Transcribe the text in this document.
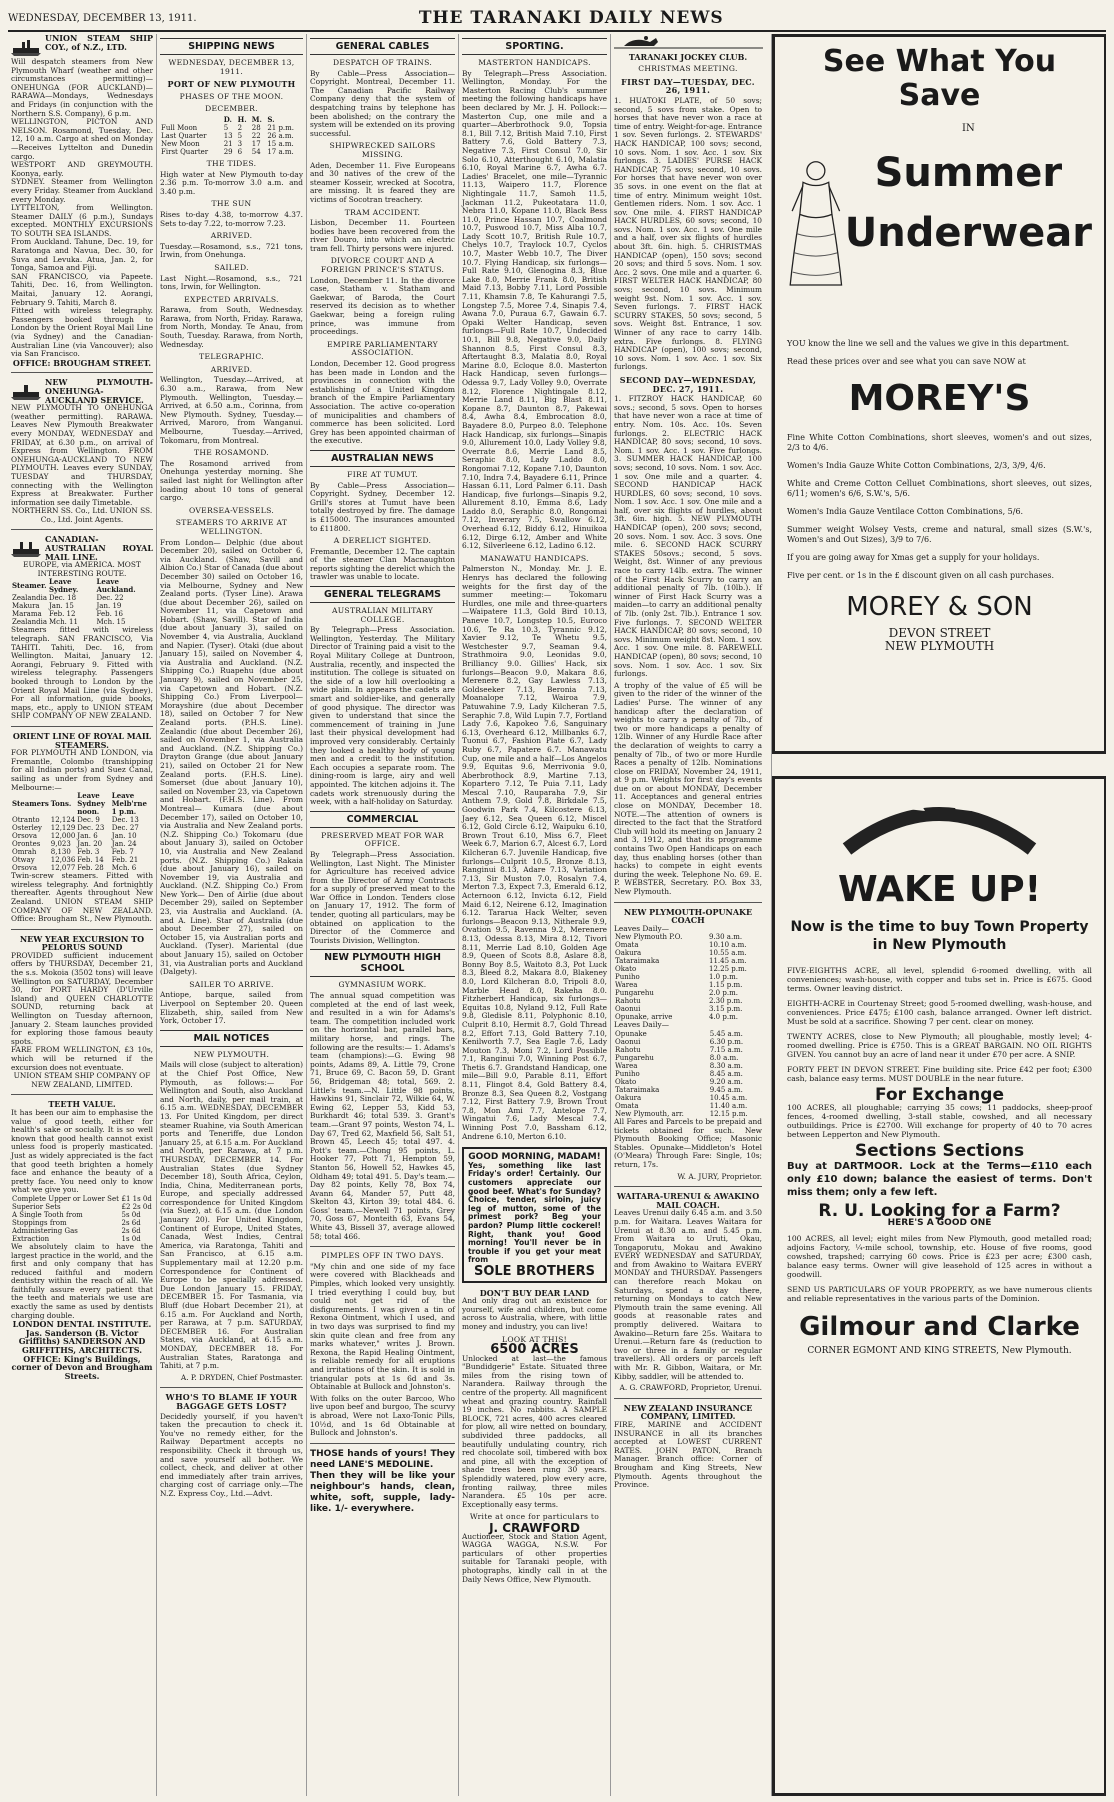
WEDNESDAY, DECEMBER 13, 1911.	THE TARANAKI DAILY NEWS
UNION STEAM SHIP COY., of N.Z., LTD.
Will despatch steamers from New Plymouth Wharf (weather and other circumstances permitting)— ONEHUNGA (FOR AUCKLAND)— RARAWA—Mondays, Wednesdays and Fridays (in conjunction with the Northern S.S. Company), 6 p.m.
WELLINGTON, PICTON AND NELSON. Rosamond, Tuesday, Dec. 12, 10 a.m. Cargo at shed on Monday—Receives Lyttelton and Dunedin cargo.
WESTPORT AND GREYMOUTH. Koonya, early.
SYDNEY. Steamer from Wellington every Friday. Steamer from Auckland every Monday.
LYTTELTON, from Wellington. Steamer DAILY (6 p.m.), Sundays excepted. MONTHLY EXCURSIONS TO SOUTH SEA ISLANDS.
From Auckland. Tahune, Dec. 19, for Raratonga and Navua, Dec. 30, for Suva and Levuka. Atua, Jan. 2, for Tonga, Samoa and Fiji.
SAN FRANCISCO, via Papeete. Tahiti, Dec. 16, from Wellington. Maitai, January 12. Aorangi, February 9. Tahiti, March 8.
Fitted with wireless telegraphy. Passengers booked through to London by the Orient Royal Mail Line (via Sydney) and the Canadian-Australian Line (via Vancouver); also via San Francisco.
OFFICE: BROUGHAM STREET.
NEW PLYMOUTH-ONEHUNGA-AUCKLAND SERVICE.
NEW PLYMOUTH TO ONEHUNGA (weather permitting). RARAWA. Leaves New Plymouth Breakwater every MONDAY, WEDNESDAY and FRIDAY, at 6.30 p.m., on arrival of Express from Wellington. FROM ONEHUNGA-AUCKLAND TO NEW PLYMOUTH. Leaves every SUNDAY, TUESDAY and THURSDAY, connecting with the Wellington Express at Breakwater. Further information see daily Timetable.
NORTHERN SS. Co., Ltd. UNION SS. Co., Ltd. Joint Agents.
CANADIAN-AUSTRALIAN ROYAL MAIL LINE.
EUROPE, via AMERICA. MOST INTERESTING ROUTE.
Steamer.	Leave Sydney.	Leave Auckland.
Zealandia	Dec. 18	Dec. 22
Makura	Jan. 15	Jan. 19
Marama	Feb. 12	Feb. 16
Zealandia	Mch. 11	Mch. 15
Steamers fitted with wireless telegraph. SAN FRANCISCO, Via TAHITI. Tahiti, Dec. 16, from Wellington. Maitai, January 12. Aorangi, February 9. Fitted with wireless telegraphy. Passengers booked through to London by the Orient Royal Mail Line (via Sydney). For all information, guide books, maps, etc., apply to UNION STEAM SHIP COMPANY OF NEW ZEALAND.
ORIENT LINE OF ROYAL MAIL STEAMERS.
FOR PLYMOUTH AND LONDON, via Fremantle, Colombo (transhipping for all Indian ports) and Suez Canal, sailing as under from Sydney and Melbourne:—
Steamers	Tons.	Leave Sydney noon.	Leave Melb'rne 1 p.m.
Otranto	12,124	Dec. 9	Dec. 13
Osterley	12,129	Dec. 23	Dec. 27
Orsova	12,000	Jan. 6	Jan. 10
Orontes	9,023	Jan. 20	Jan. 24
Omrah	8,130	Feb. 3	Feb. 7
Otway	12,036	Feb. 14	Feb. 21
Orsova	12,077	Feb. 28	Mch. 6
Twin-screw steamers. Fitted with wireless telegraphy. And fortnightly thereafter. Agents throughout New Zealand. UNION STEAM SHIP COMPANY OF NEW ZEALAND. Office: Brougham St., New Plymouth.
NEW YEAR EXCURSION TO PELORUS SOUND
PROVIDED sufficient inducement offers by THURSDAY, December 21, the s.s. Mokoia (3502 tons) will leave Wellington on SATURDAY, December 30, for PORT HARDY (D'Urville Island) and QUEEN CHARLOTTE SOUND, returning back at Wellington on Tuesday afternoon, January 2. Steam launches provided for exploring those famous beauty spots.
FARE FROM WELLINGTON, £3 10s, which will be returned if the excursion does not eventuate.
UNION STEAM SHIP COMPANY OF NEW ZEALAND, LIMITED.
TEETH VALUE.
It has been our aim to emphasise the value of good teeth, either for health's sake or socially. It is so well known that good health cannot exist unless food is properly masticated. Just as widely appreciated is the fact that good teeth brighten a homely face and enhance the beauty of a pretty face. You need only to know what we give you.
Complete Upper or Lower Set	£1 1s 0d
Superior Sets	£2 2s 0d
A Single Tooth from	5s 0d
Stoppings from	2s 6d
Administering Gas	2s 6d
Extraction	1s 0d
We absolutely claim to have the largest practice in the world, and the first and only company that has reduced faithful and modern dentistry within the reach of all. We faithfully assure every patient that the teeth and materials we use are exactly the same as used by dentists charging double.
LONDON DENTAL INSTITUTE. Jas. Sanderson (B. Victor Griffiths) SANDERSON AND GRIFFITHS, ARCHITECTS. OFFICE: King's Buildings, corner of Devon and Brougham Streets.
SHIPPING NEWS
WEDNESDAY, DECEMBER 13, 1911.
PORT OF NEW PLYMOUTH
PHASES OF THE MOON.
DECEMBER.
	D.	H.	M.	S.
Full Moon	5	2	28	21 p.m.
Last Quarter	13	5	22	26 a.m.
New Moon	21	3	17	15 a.m.
First Quarter	29	6	54	17 a.m.
THE TIDES.
High water at New Plymouth to-day 2.36 p.m. To-morrow 3.0 a.m. and 3.40 p.m.
THE SUN
Rises to-day 4.38, to-morrow 4.37. Sets to-day 7.22, to-morrow 7.23.
ARRIVED.
Tuesday.—Rosamond, s.s., 721 tons, Irwin, from Onehunga.
SAILED.
Last Night.—Rosamond, s.s., 721 tons, Irwin, for Wellington.
EXPECTED ARRIVALS.
Rarawa, from South, Wednesday. Rarawa, from North, Friday. Rarawa, from North, Monday. Te Anau, from South, Tuesday. Rarawa, from North, Wednesday.
TELEGRAPHIC.
ARRIVED.
Wellington, Tuesday.—Arrived, at 6.30 a.m., Rarawa, from New Plymouth. Wellington, Tuesday.—Arrived, at 6.50 a.m., Corinna, from New Plymouth. Sydney, Tuesday.—Arrived, Maroro, from Wanganui. Melbourne, Tuesday.—Arrived, Tokomaru, from Montreal.
THE ROSAMOND.
The Rosamond arrived from Onehunga yesterday morning. She sailed last night for Wellington after loading about 10 tons of general cargo.
OVERSEA-VESSELS.
STEAMERS TO ARRIVE AT WELLINGTON.
From London— Delphic (due about December 20), sailed on October 6, via Auckland. (Shaw, Savill and Albion Co.) Star of Canada (due about December 30) sailed on October 16, via Melbourne, Sydney and New Zealand ports. (Tyser Line). Arawa (due about December 26), sailed on November 11, via Capetown and Hobart. (Shaw, Savill). Star of India (due about January 3), sailed on November 4, via Australia, Auckland and Napier. (Tyser). Otaki (due about January 15), sailed on November 4, via Australia and Auckland. (N.Z. Shipping Co.) Ruapehu (due about January 9), sailed on November 25, via Capetown and Hobart. (N.Z. Shipping Co.) From Liverpool— Morayshire (due about December 18), sailed on October 7 for New Zealand ports. (P.H.S. Line). Zealandic (due about December 26), sailed on November 1, via Australia and Auckland. (N.Z. Shipping Co.) Drayton Grange (due about January 21), sailed on October 21 for New Zealand ports. (F.H.S. Line). Somerset (due about January 10), sailed on November 23, via Capetown and Hobart. (F.H.S. Line). From Montreal— Kumara (due about December 17), sailed on October 10, via Australia and New Zealand ports. (N.Z. Shipping Co.) Tokomaru (due about January 3), sailed on October 10, via Australia and New Zealand ports. (N.Z. Shipping Co.) Rakaia (due about January 16), sailed on November 19, via Australia and Auckland. (N.Z. Shipping Co.) From New York— Den of Airlie (due about December 29), sailed on September 23, via Australia and Auckland. (A. and A. Line). Star of Australia (due about December 27), sailed on October 15, via Australian ports and Auckland. (Tyser). Mariental (due about January 15), sailed on October 31, via Australian ports and Auckland (Dalgety).
SAILER TO ARRIVE.
Antiope, barque, sailed from Liverpool on September 20. Queen Elizabeth, ship, sailed from New York, October 17.
MAIL NOTICES
NEW PLYMOUTH.
Mails will close (subject to alteration) at the Chief Post Office, New Plymouth, as follows:— For Wellington and South, also Auckland and North, daily, per mail train, at 6.15 a.m. WEDNESDAY, DECEMBER 13. For United Kingdom, per direct steamer Ruahine, via South American ports and Teneriffe, due London January 25, at 6.15 a.m. For Auckland and North, per Rarawa, at 7 p.m. THURSDAY, DECEMBER 14. For Australian States (due Sydney December 18), South Africa, Ceylon, India, China, Mediterranean ports, Europe, and specially addressed correspondence for United Kingdom (via Suez), at 6.15 a.m. (due London January 20). For United Kingdom, Continent of Europe, United States, Canada, West Indies, Central America, via Raratonga, Tahiti and San Francisco, at 6.15 a.m. Supplementary mail at 12.20 p.m. Correspondence for Continent of Europe to be specially addressed. Due London January 15. FRIDAY, DECEMBER 15. For Tasmania, via Bluff (due Hobart December 21), at 6.15 a.m. For Auckland and North, per Rarawa, at 7 p.m. SATURDAY, DECEMBER 16. For Australian States, via Auckland, at 6.15 a.m. MONDAY, DECEMBER 18. For Australian States, Raratonga and Tahiti, at 7 p.m.
A. P. DRYDEN, Chief Postmaster.
WHO'S TO BLAME IF YOUR BAGGAGE GETS LOST?
Decidedly yourself, if you haven't taken the precaution to check it. You've no remedy either, for the Railway Department accepts no responsibility. Check it through us, and save yourself all bother. We collect, check, and deliver at other end immediately after train arrives, charging cost of carriage only.—The N.Z. Express Coy., Ltd.—Advt.
GENERAL CABLES
DESPATCH OF TRAINS.
By Cable—Press Association—Copyright. Montreal, December 11. The Canadian Pacific Railway Company deny that the system of despatching trains by telephone has been abolished; on the contrary the system will be extended on its proving successful.
SHIPWRECKED SAILORS MISSING.
Aden, December 11. Five Europeans and 30 natives of the crew of the steamer Kosseir, wrecked at Socotra, are missing. It is feared they are victims of Socotran treachery.
TRAM ACCIDENT.
Lisbon, December 11. Fourteen bodies have been recovered from the river Douro, into which an electric tram fell. Thirty persons were injured.
DIVORCE COURT AND A FOREIGN PRINCE'S STATUS.
London, December 11. In the divorce case, Statham v. Statham and Gaekwar, of Baroda, the Court reserved its decision as to whether Gaekwar, being a foreign ruling prince, was immune from proceedings.
EMPIRE PARLIAMENTARY ASSOCIATION.
London, December 12. Good progress has been made in London and the provinces in connection with the establishing of a United Kingdom branch of the Empire Parliamentary Association. The active co-operation of municipalities and chambers of commerce has been solicited. Lord Grey has been appointed chairman of the executive.
AUSTRALIAN NEWS
FIRE AT TUMUT.
By Cable—Press Association—Copyright. Sydney, December 12. Grill's stores at Tumut have been totally destroyed by fire. The damage is £15000. The insurances amounted to £11800.
A DERELICT SIGHTED.
Fremantle, December 12. The captain of the steamer Clan Macnaughton reports sighting the derelict which the trawler was unable to locate.
GENERAL TELEGRAMS
AUSTRALIAN MILITARY COLLEGE.
By Telegraph—Press Association. Wellington, Yesterday. The Military Director of Training paid a visit to the Royal Military College at Duntroon, Australia, recently, and inspected the institution. The college is situated on the side of a low hill overlooking a wide plain. In appears the cadets are smart and soldier-like, and generally of good physique. The director was given to understand that since the commencement of training in June last their physical development had improved very considerably. Certainly they looked a healthy body of young men and a credit to the institution. Each occupies a separate room. The dining-room is large, airy and well appointed. The kitchen adjoins it. The cadets work strenuously during the week, with a half-holiday on Saturday.
COMMERCIAL
PRESERVED MEAT FOR WAR OFFICE.
By Telegraph—Press Association. Wellington, Last Night. The Minister for Agriculture has received advice from the Director of Army Contracts for a supply of preserved meat to the War Office in London. Tenders close on January 17, 1912. The form of tender, quoting all particulars, may be obtained on application to the Director of the Commerce and Tourists Division, Wellington.
NEW PLYMOUTH HIGH SCHOOL
GYMNASIUM WORK.
The annual squad competition was completed at the end of last week, and resulted in a win for Adams's team. The competition included work on the horizontal bar, parallel bars, military horse, and rings. The following are the results:— 1. Adams's team (champions):—G. Ewing 98 points, Adams 89, A. Little 79, Crone 71, Bruce 69, C. Bacon 59, D. Grant 56, Bridgeman 48; total, 569. 2. Little's team.—N. Little 98 points, Hawkins 91, Sinclair 72, Wilkie 64, W. Ewing 62, Lepper 53, Kidd 53, Burkhardt 46; total 539. 3. Grant's team.—Grant 97 points, Weston 74, L. Day 67, Tred 62, Maxfield 56, Salt 51, Brown 45, Leech 45; total 497. 4. Pott's team.—Chong 95 points, L. Hooker 77, Pott 71, Hempton 59, Stanton 56, Howell 52, Hawkes 45, Oldham 49; total 491. 5. Day's team.—Day 82 points, Kelly 78, Box 74, Avann 64, Mander 57, Putt 48, Skelton 43, Kirton 39; total 484. 6. Goss' team.—Newell 71 points, Grey 70, Goss 67, Monteith 63, Evans 54, White 43, Bissell 37, average allowed 58; total 466.
PIMPLES OFF IN TWO DAYS.
"My chin and one side of my face were covered with Blackheads and Pimples, which looked very unsightly. I tried everything I could buy, but could not get rid of the disfigurements. I was given a tin of Rexona Ointment, which I used, and in two days was surprised to find my skin quite clean and free from any marks whatever," writes J. Brown. Rexona, the Rapid Healing Ointment, is reliable remedy for all eruptions and irritations of the skin. It is sold in triangular pots at 1s 6d and 3s. Obtainable at Bullock and Johnston's.
With folks on the outer Barcoo, Who live upon beef and burgoo, The scurvy is abroad, Were not Laxo-Tonic Pills, 10½d, and 1s 6d Obtainable at Bullock and Johnston's.
THOSE hands of yours! They need LANE'S MEDOLINE.
Then they will be like your neighbour's hands, clean, white, soft, supple, lady-like. 1/- everywhere.
SPORTING.
MASTERTON HANDICAPS.
By Telegraph—Press Association. Wellington, Monday. For the Masterton Racing Club's summer meeting the following handicaps have been declared by Mr. J. H. Pollock:— Masterton Cup, one mile and a quarter—Aberbrothock 9.0, Topsia 8.1, Bill 7.12, British Maid 7.10, First Battery 7.6, Gold Battery 7.3, Negative 7.3, First Consul 7.0, Sir Solo 6.10, Atterthought 6.10, Malatia 6.10, Royal Marine 6.7, Awha 6.7. Ladies' Bracelet, one mile—Tyrannic 11.13, Waipero 11.7, Florence Nightingale 11.7, Samoh 11.5, Jackman 11.2, Pukeotatara 11.0, Nebra 11.0, Kopane 11.0, Black Bess 11.0, Prince Hassan 10.7, Coalmond 10.7, Puswood 10.7, Miss Alba 10.7, Lady Scott 10.7, British Rule 10.7, Chelys 10.7, Traylock 10.7, Cyclos 10.7, Master Webb 10.7, The Diver 10.7. Flying Handicap, six furlongs—Full Rate 9.10, Glenogina 8.3, Blue Lake 8.0, Merrie Frank 8.0, British Maid 7.13, Bobby 7.11, Lord Possible 7.11, Khamsin 7.8, Te Kahurangi 7.5, Longstep 7.5, Moree 7.4, Sinapis 7.4, Awana 7.0, Puraua 6.7, Gawain 6.7. Opaki Welter Handicap, seven furlongs—Full Rate 10.7, Undecided 10.1, Bill 9.8, Negative 9.0, Daily Shannon 8.5, First Consul 8.3, Aftertaught 8.3, Malatia 8.0, Royal Marine 8.0, Ecloque 8.0. Masterton Hack Handicap, seven furlongs—Odessa 9.7, Lady Volley 9.0, Overrate 8.12, Florence Nightingale 8.12, Merrie Land 8.11, Big Blast 8.11, Kopane 8.7, Daunton 8.7, Pakewai 8.4, Awha 8.4, Embrocation 8.0, Bayadere 8.0, Purpeo 8.0. Telephone Hack Handicap, six furlongs—Sinapis 9.0, Allurement 10.0, Lady Volley 9.8, Overrate 8.6, Merrie Land 8.5, Seraphic 8.0, Lady Laddo 8.0, Rongomai 7.12, Kopane 7.10, Daunton 7.10, Indra 7.4, Bayadere 6.11, Prince Hassan 6.11, Lord Palmer 6.11. Dash Handicap, five furlongs—Sinapis 9.2, Allurement 8.10, Emma 8.6, Lady Laddo 8.0, Seraphic 8.0, Rongomai 7.12, Inverary 7.5, Swallow 6.12, Overhead 6.12, Biddy 6.12, Hinuikoa 6.12, Dirge 6.12, Amber and White 6.12, Silverleene 6.12, Ladino 6.12.
MANAWATU HANDICAPS.
Palmerston N., Monday. Mr. J. E. Henrys has declared the following weights for the first day of the summer meeting:— Tokomaru Hurdles, one mile and three-quarters—Waipatere 11.3, Gold Bird 10.13, Paneve 10.7, Longstep 10.5, Euroco 10.6, Te Ra 10.3, Tyrannic 9.12, Xavier 9.12, Te Whetu 9.5, Westchester 9.7, Seaman 9.4, Strathmoira 9.0, Leonidas 9.0, Brilliancy 9.0. Gillies' Hack, six furlongs—Beacon 9.0, Makara 8.6, Merenere 8.2, Gay Lawless 7.13, Goldseeker 7.13, Beronia 7.13, Moanalope 7.12, Wairoa 7.9, Patuwahine 7.9, Lady Kilcheran 7.5, Seraphic 7.8, Wild Lupin 7.7, Fortland Lady 7.6, Kapokeo 7.6, Sanguinary 6.13, Overheard 6.12, Millbanks 6.7, Tuonui 6.7, Fashion Plate 6.7, Lady Ruby 6.7, Papatere 6.7. Manawatu Cup, one mile and a half—Los Angelos 9.9, Equitas 9.6, Merrivonia 9.0, Aberbrothock 8.9, Martine 7.13, Kopartero 7.12, Te Puia 7.11, Lady Mescal 7.10, Rauparaha 7.9, Sir Anthem 7.9, Gold 7.8, Birkdale 7.5, Goodwin Park 7.4, Kilcostere 6.13, Jaey 6.12, Sea Queen 6.12, Miscel 6.12, Gold Circle 6.12, Waipuku 6.10, Brown Trout 6.10, Miss 6.7, Fleet Week 6.7, Marion 6.7, Alcest 6.7, Lord Kilcheran 6.7. Juvenile Handicap, five furlongs—Culprit 10.5, Bronze 8.13, Ranginui 8.13, Adare 7.13, Variation 7.13, Sir Muston 7.0, Rosalyn 7.4, Merton 7.3, Expect 7.3, Emerald 6.12, Acternoon 6.12, Invicta 6.12, Field Maid 6.12, Neirene 6.12, Imagination 6.12. Tararua Hack Welter, seven furlongs—Beacon 9.13, Nitherale 9.9, Ovation 9.5, Ravenna 9.2, Merenere 8.13, Odessa 8.13, Mira 8.12, Tivori 8.11, Merrie Lad 8.10, Golden Age 8.9, Queen of Scots 8.8, Aslare 8.8, Bonny Boy 8.5, Waitoto 8.3, Pot Luck 8.3, Bleed 8.2, Makara 8.0, Blakeney 8.0, Lord Kilcheran 8.0, Tripoli 8.0, Marble Head 8.0, Rakeha 8.0. Fitzherbert Handicap, six furlongs—Equitas 10.8, Nyland 9.12, Full Rate 9.8, Gledisle 8.11, Polyphonic 8.10, Culprit 8.10, Hermit 8.7, Gold Thread 8.2, Effort 7.13, Gold Battery 7.10, Kenilworth 7.7, Sea Eagle 7.6, Lady Mouton 7.3, Moni 7.2, Lord Possible 7.1, Ranginui 7.0, Winning Post 6.7, Thetis 6.7. Grandstand Handicap, one mile—Bill 9.0, Parable 8.11, Effort 8.11, Flingot 8.4, Gold Battery 8.4, Bronze 8.3, Sea Queen 8.2, Vostgang 7.12, First Battery 7.9, Brown Trout 7.8, Mon Ami 7.7, Antelope 7.7, Wingatui 7.6, Lady Mescal 7.4, Winning Post 7.0, Bassham 6.12, Andrene 6.10, Merton 6.10.
GOOD MORNING, MADAM!
Yes, something like last Friday's order! Certainly. Our customers appreciate our good beef. What's for Sunday? Choice, tender, sirloin, juicy leg of mutton, some of the primest pork? Beg your pardon? Plump little cockerel! Right, thank you! Good morning! You'll never be in trouble if you get your meat from
SOLE BROTHERS
DON'T BUY DEAR LAND
And only drag out an existence for yourself, wife and children, but come across to Australia, where, with little money and industry, you can live!
LOOK AT THIS!
6500 ACRES
Unlocked at last—the famous "Bundidgerie" Estate. Situated three miles from the rising town of Narandera. Railway through the centre of the property. All magnificent wheat and grazing country. Rainfall 19 inches. No rabbits. A SAMPLE BLOCK, 721 acres, 400 acres cleared for plow, all wire netted on boundary, subdivided three paddocks, all beautifully undulating country, rich red chocolate soil, timbered with box and pine, all with the exception of shade trees been rung 30 years. Splendidly watered, plow every acre, fronting railway, three miles Narandera. £5 10s per acre. Exceptionally easy terms.
Write at once for particulars to
J. CRAWFORD
Auctioneer, Stock and Station Agent, WAGGA WAGGA, N.S.W. For particulars of other properties suitable for Taranaki people, with photographs, kindly call in at the Daily News Office, New Plymouth.
TARANAKI JOCKEY CLUB.
CHRISTMAS MEETING.
FIRST DAY—TUESDAY, DEC. 26, 1911.
1. HUATOKI PLATE, of 50 sovs; second, 5 sovs from stake. Open to horses that have never won a race at time of entry. Weight-for-age. Entrance 1 sov. Seven furlongs. 2. STEWARDS' HACK HANDICAP, 100 sovs; second, 10 sovs. Nom. 1 sov. Acc. 1 sov. Six furlongs. 3. LADIES' PURSE HACK HANDICAP, 75 sovs; second, 10 sovs. For horses that have never won over 35 sovs. in one event on the flat at time of entry. Minimum weight 10st. Gentlemen riders. Nom. 1 sov. Acc. 1 sov. One mile. 4. FIRST HANDICAP HACK HURDLES, 60 sovs; second, 10 sovs. Nom. 1 sov. Acc. 1 sov. One mile and a half, over six flights of hurdles about 3ft. 6in. high. 5. CHRISTMAS HANDICAP (open), 150 sovs; second 20 sovs; and third 5 sovs. Nom. 1 sov. Acc. 2 sovs. One mile and a quarter. 6. FIRST WELTER HACK HANDICAP, 80 sovs; second, 10 sovs. Minimum weight 9st. Nom. 1 sov. Acc. 1 sov. Seven furlongs. 7. FIRST HACK SCURRY STAKES, 50 sovs; second, 5 sovs. Weight 8st. Entrance, 1 sov. Winner of any race to carry 14lb. extra. Five furlongs. 8. FLYING HANDICAP (open), 100 sovs; second, 10 sovs. Nom. 1 sov. Acc. 1 sov. Six furlongs.
SECOND DAY—WEDNESDAY, DEC. 27, 1911.
1. FITZROY HACK HANDICAP, 60 sovs.; second, 5 sovs. Open to horses that have never won a race at time of entry. Nom. 10s. Acc. 10s. Seven furlongs. 2. ELECTRIC HACK HANDICAP, 80 sovs; second, 10 sovs. Nom. 1 sov. Acc. 1 sov. Five furlongs. 3. SUMMER HACK HANDICAP, 100 sovs; second, 10 sovs. Nom. 1 sov. Acc. 1 sov. One mile and a quarter. 4. SECOND HANDICAP HACK HURDLES, 60 sovs; second, 10 sovs. Nom. 1 sov. Acc. 1 sov. One mile and a half, over six flights of hurdles, about 3ft. 6in. high. 5. NEW PLYMOUTH HANDICAP (open), 200 sovs; second, 20 sovs. Nom. 1 sov. Acc. 3 sovs. One mile. 6. SECOND HACK SCURRY STAKES 50sovs.; second, 5 sovs. Weight, 8st. Winner of any previous race to carry 14lb. extra. The winner of the First Hack Scurry to carry an additional penalty of 7lb. (10lb.). If winner of First Hack Scurry was a maiden—to carry an additional penalty of 7lb. (only 2st. 7lb.). Entrance 1 sov. Five furlongs. 7. SECOND WELTER HACK HANDICAP, 80 sovs; second, 10 sovs. Minimum weight 8st. Nom. 1 sov. Acc. 1 sov. One mile. 8. FAREWELL HANDICAP (open), 80 sovs; second, 10 sovs. Nom. 1 sov. Acc. 1 sov. Six furlongs.
A trophy of the value of £5 will be given to the rider of the winner of the Ladies' Purse. The winner of any handicap after the declaration of weights to carry a penalty of 7lb., of two or more handicaps a penalty of 12lb. Winner of any Hurdle Race after the declaration of weights to carry a penalty of 7lb., of two or more Hurdle Races a penalty of 12lb. Nominations close on FRIDAY, November 24, 1911, at 9 p.m. Weights for first day's events due on or about MONDAY, December 11. Acceptances and general entries close on MONDAY, December 18. NOTE.—The attention of owners is directed to the fact that the Stratford Club will hold its meeting on January 2 and 3, 1912, and that its programme contains Two Open Handicaps on each day, thus enabling horses (other than hacks) to compete in eight events during the week. Telephone No. 69. E. P. WEBSTER, Secretary. P.O. Box 33, New Plymouth.
NEW PLYMOUTH-OPUNAKE COACH
Leaves Daily—
New Plymouth P.O.	9.30 a.m.
Omata	10.10 a.m.
Oakura	10.55 a.m.
Tataraimaka	11.45 a.m.
Okato	12.25 p.m.
Puniho	1.0 p.m.
Warea	1.15 p.m.
Pungarehu	2.0 p.m.
Rahotu	2.30 p.m.
Oaonui	3.15 p.m.
Opunake, arrive	4.0 p.m.
Leaves Daily—
Opunake	5.45 a.m.
Oaonui	6.30 p.m.
Rahotu	7.15 a.m.
Pungarehu	8.0 a.m.
Warea	8.30 a.m.
Puniho	8.45 a.m.
Okato	9.20 a.m.
Tataraimaka	9.45 a.m.
Oakura	10.45 a.m.
Omata	11.40 a.m.
New Plymouth, arr.	12.15 p.m.
All Fares and Parcels to be prepaid and tickets obtained for such. New Plymouth Booking Office; Masonic Stables. Opunake—Middleton's Hotel (O'Meara) Through Fare: Single, 10s; return, 17s.
W. A. JURY, Proprietor.
WAITARA-URENUI & AWAKINO MAIL COACH.
Leaves Urenui daily 6.45 a.m. and 3.50 p.m. for Waitara. Leaves Waitara for Urenui at 8.30 a.m. and 5.45 p.m. From Waitara to Uruti, Okau, Tongaporutu, Mokau and Awakino EVERY WEDNESDAY and SATURDAY, and from Awakino to Waitara EVERY MONDAY and THURSDAY. Passengers can therefore reach Mokau on Saturdays, spend a day there, returning on Mondays to catch New Plymouth train the same evening. All goods at reasonable rates and promptly delivered. Waitara to Awakino—Return fare 25s. Waitara to Urenui.—Return fare 4s (reduction to two or three in a family or regular travellers). All orders or parcels left with Mr. R. Gibbon, Waitara, or Mr. Kibby, saddler, will be attended to.
A. G. CRAWFORD, Proprietor, Urenui.
NEW ZEALAND INSURANCE COMPANY, LIMITED.
FIRE, MARINE and ACCIDENT INSURANCE in all its branches accepted at LOWEST CURRENT RATES. JOHN PATON, Branch Manager. Branch office: Corner of Brougham and King Streets, New Plymouth. Agents throughout the Province.
See What You Save
IN
Summer
Underwear
YOU know the line we sell and the values we give in this department.
Read these prices over and see what you can save NOW at
MOREY'S
Fine White Cotton Combinations, short sleeves, women's and out sizes, 2/3 to 4/6.
Women's India Gauze White Cotton Combinations, 2/3, 3/9, 4/6.
White and Creme Cotton Celluet Combinations, short sleeves, out sizes, 6/11; women's 6/6, S.W.'s, 5/6.
Women's India Gauze Ventilace Cotton Combinations, 5/6.
Summer weight Wolsey Vests, creme and natural, small sizes (S.W.'s, Women's and Out Sizes), 3/9 to 7/6.
If you are going away for Xmas get a supply for your holidays.
Five per cent. or 1s in the £ discount given on all cash purchases.
MOREY & SON
DEVON STREET
NEW PLYMOUTH
WAKE UP!
Now is the time to buy Town Property in New Plymouth
FIVE-EIGHTHS ACRE, all level, splendid 6-roomed dwelling, with all conveniences; wash-house, with copper and tubs set in. Price is £675. Good terms. Owner leaving district.
EIGHTH-ACRE in Courtenay Street; good 5-roomed dwelling, wash-house, and conveniences. Price £475; £100 cash, balance arranged. Owner left district. Must be sold at a sacrifice. Showing 7 per cent. clear on money.
TWENTY ACRES, close to New Plymouth; all ploughable, mostly level; 4-roomed dwelling. Price is £750. This is a GREAT BARGAIN. NO OIL RIGHTS GIVEN. You cannot buy an acre of land near it under £70 per acre. A SNIP.
FORTY FEET IN DEVON STREET. Fine building site. Price £42 per foot; £300 cash, balance easy terms. MUST DOUBLE in the near future.
For Exchange
100 ACRES, all ploughable; carrying 35 cows; 11 paddocks, sheep-proof fences, 4-roomed dwelling, 3-stall stable, cowshed, and all necessary outbuildings. Price is £2700. Will exchange for property of 40 to 70 acres between Lepperton and New Plymouth.
Sections Sections
Buy at DARTMOOR. Lock at the Terms—£110 each only £10 down; balance the easiest of terms. Don't miss them; only a few left.
R. U. Looking for a Farm?
HERE'S A GOOD ONE
100 ACRES, all level; eight miles from New Plymouth, good metalled road; adjoins Factory, ¼-mile school, township, etc. House of five rooms, good cowshed, trapshed; carrying 60 cows. Price is £23 per acre; £300 cash, balance easy terms. Owner will give leasehold of 125 acres in without a goodwill.
SEND US PARTICULARS OF YOUR PROPERTY, as we have numerous clients and reliable representatives in the various parts of the Dominion.
Gilmour and Clarke
CORNER EGMONT AND KING STREETS, New Plymouth.
